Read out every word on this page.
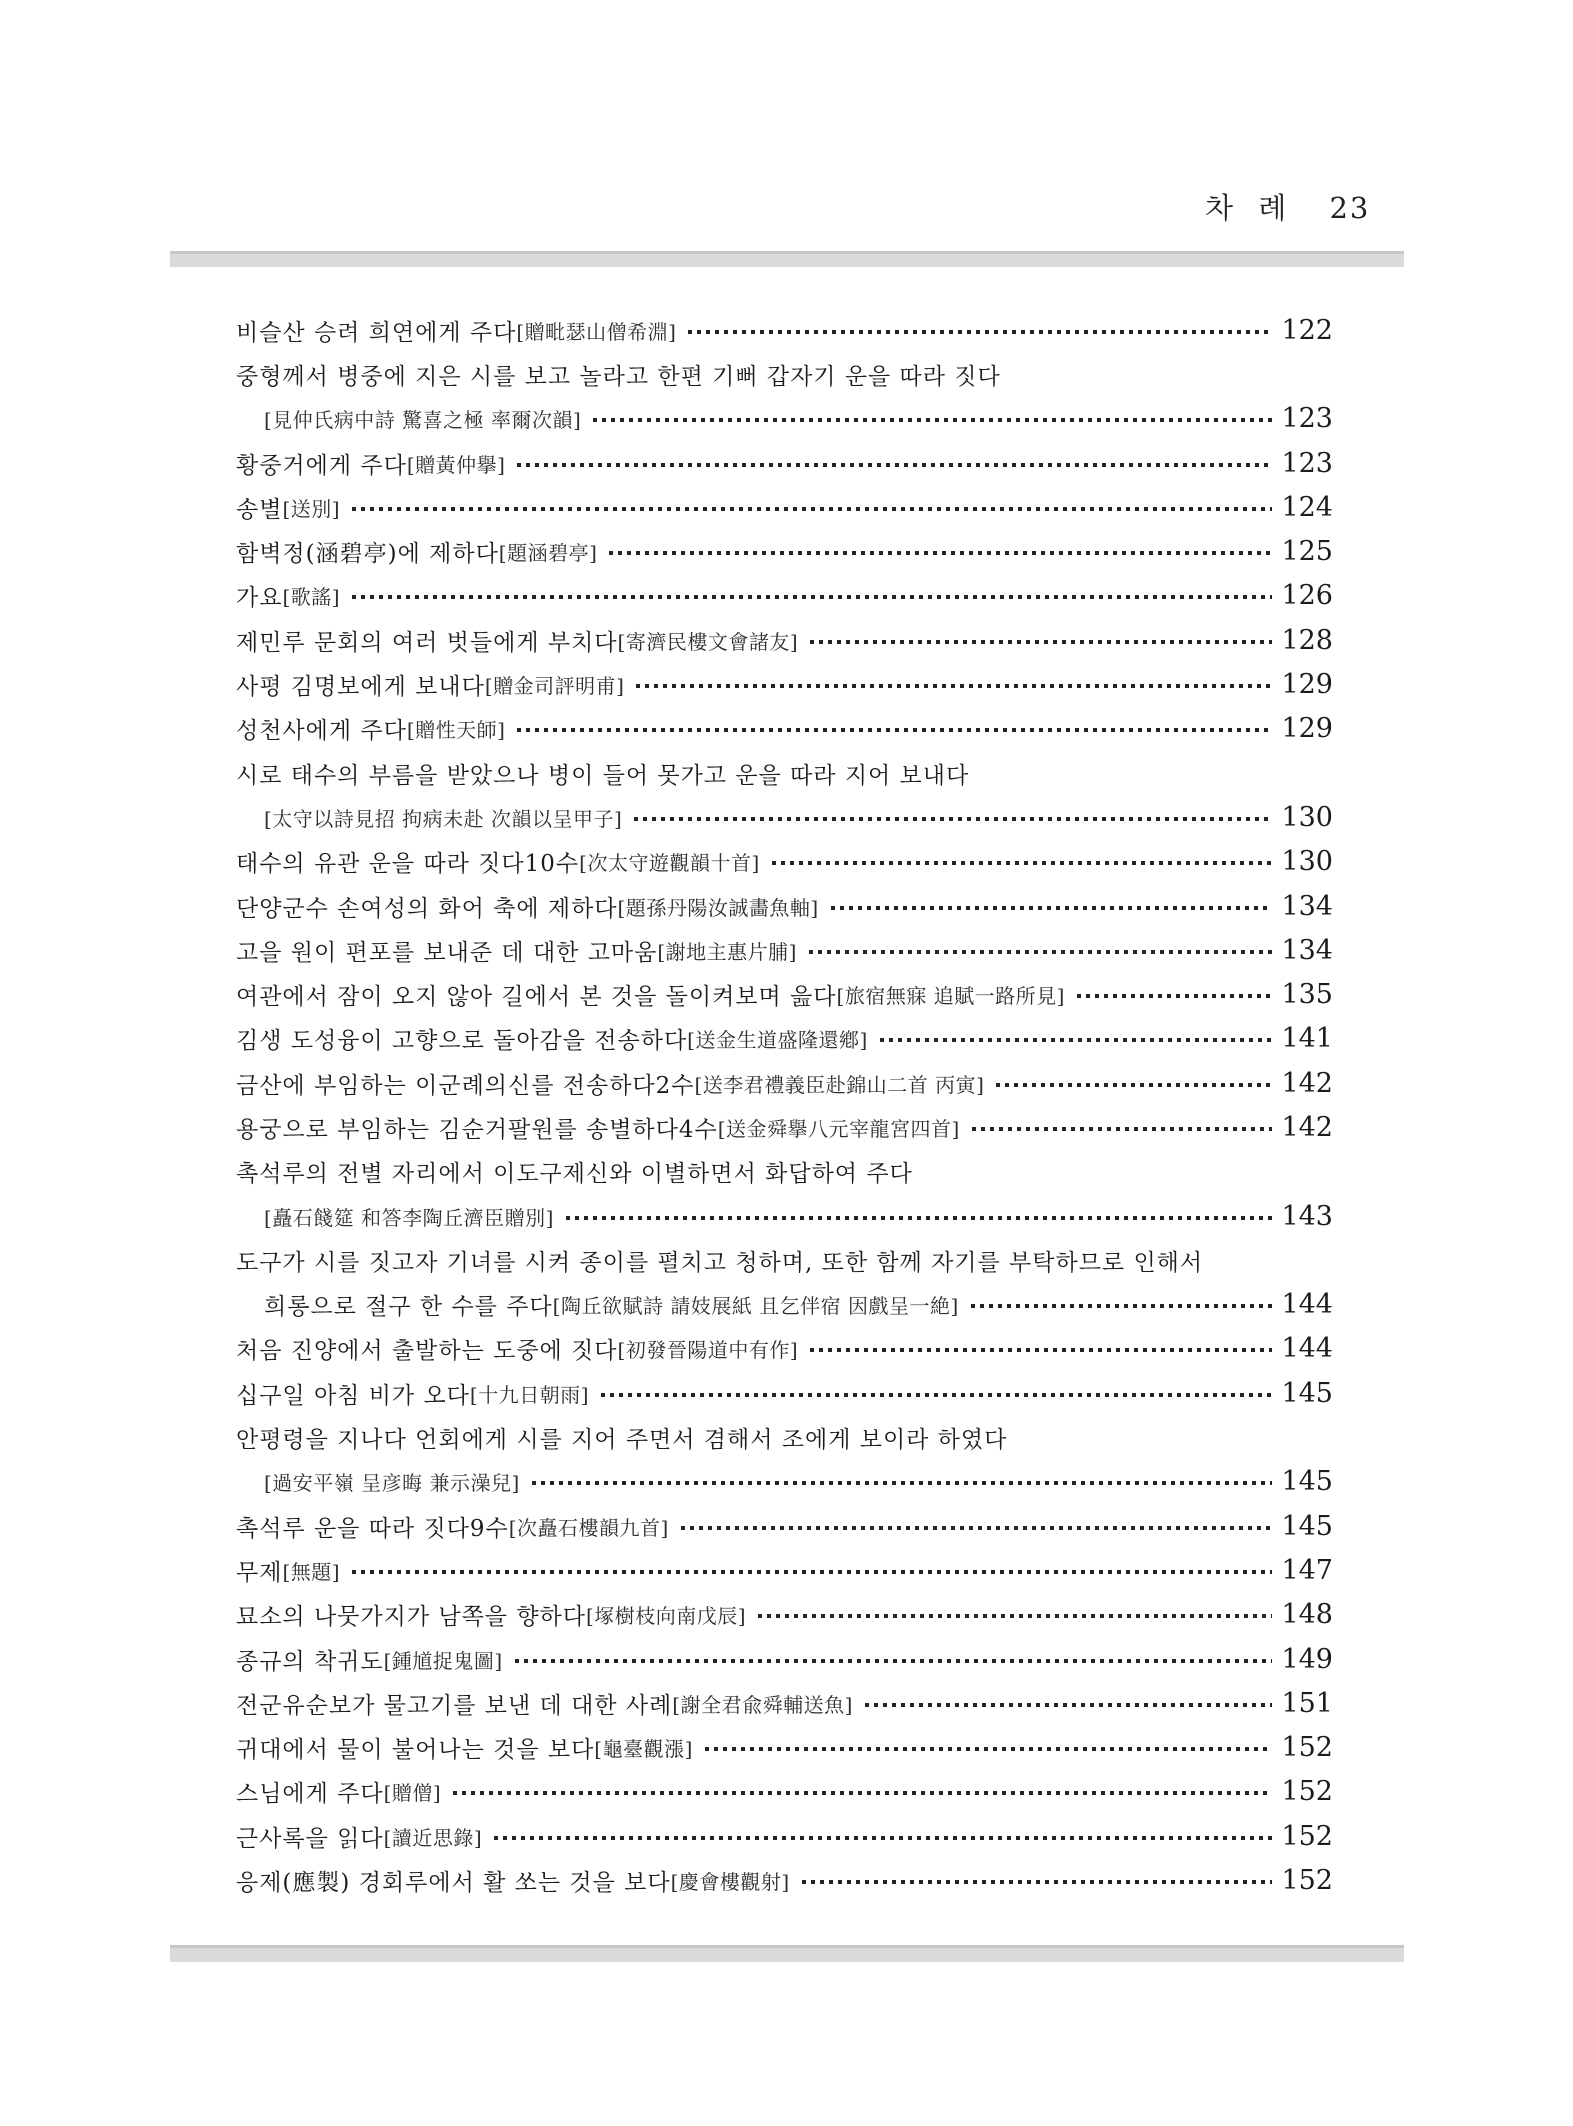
차 례 23
비슬산 승려 희연에게 주다 [贈毗瑟山僧希淵]	122
중형께서 병중에 지은 시를 보고 놀라고 한편 기뻐 갑자기 운을 따라 짓다
[見仲氏病中詩 驚喜之極 率爾次韻]	123
황중거에게 주다 [贈黃仲擧]	123
송별 [送別]	124
함벽정(涵碧亭)에 제하다 [題涵碧亭]	125
가요 [歌謠]	126
제민루 문회의 여러 벗들에게 부치다 [寄濟民樓文會諸友]	128
사평 김명보에게 보내다 [贈金司評明甫]	129
성천사에게 주다 [贈性天師]	129
시로 태수의 부름을 받았으나 병이 들어 못가고 운을 따라 지어 보내다
[太守以詩見招 拘病未赴 次韻以呈甲子]	130
태수의 유관 운을 따라 짓다10수 [次太守遊觀韻十首]	130
단양군수 손여성의 화어 축에 제하다 [題孫丹陽汝誠畵魚軸]	134
고을 원이 편포를 보내준 데 대한 고마움 [謝地主惠片脯]	134
여관에서 잠이 오지 않아 길에서 본 것을 돌이켜보며 읊다 [旅宿無寐 追賦一路所見]	135
김생 도성융이 고향으로 돌아감을 전송하다 [送金生道盛隆還鄕]	141
금산에 부임하는 이군례의신를 전송하다2수 [送李君禮義臣赴錦山二首 丙寅]	142
용궁으로 부임하는 김순거팔원를 송별하다4수 [送金舜擧八元宰龍宮四首]	142
촉석루의 전별 자리에서 이도구제신와 이별하면서 화답하여 주다
[矗石餞筵 和答李陶丘濟臣贈別]	143
도구가 시를 짓고자 기녀를 시켜 종이를 펼치고 청하며, 또한 함께 자기를 부탁하므로 인해서
희롱으로 절구 한 수를 주다 [陶丘欲賦詩 請妓展紙 且乞伴宿 因戲呈一絶]	144
처음 진양에서 출발하는 도중에 짓다 [初發晉陽道中有作]	144
십구일 아침 비가 오다 [十九日朝雨]	145
안평령을 지나다 언회에게 시를 지어 주면서 겸해서 조에게 보이라 하였다
[過安平嶺 呈彦晦 兼示澡兒]	145
촉석루 운을 따라 짓다9수 [次矗石樓韻九首]	145
무제 [無題]	147
묘소의 나뭇가지가 남쪽을 향하다 [塚樹枝向南戊辰]	148
종규의 착귀도 [鍾馗捉鬼圖]	149
전군유순보가 물고기를 보낸 데 대한 사례 [謝全君兪舜輔送魚]	151
귀대에서 물이 불어나는 것을 보다 [龜臺觀漲]	152
스님에게 주다 [贈僧]	152
근사록을 읽다 [讀近思錄]	152
응제(應製) 경회루에서 활 쏘는 것을 보다 [慶會樓觀射]	152
